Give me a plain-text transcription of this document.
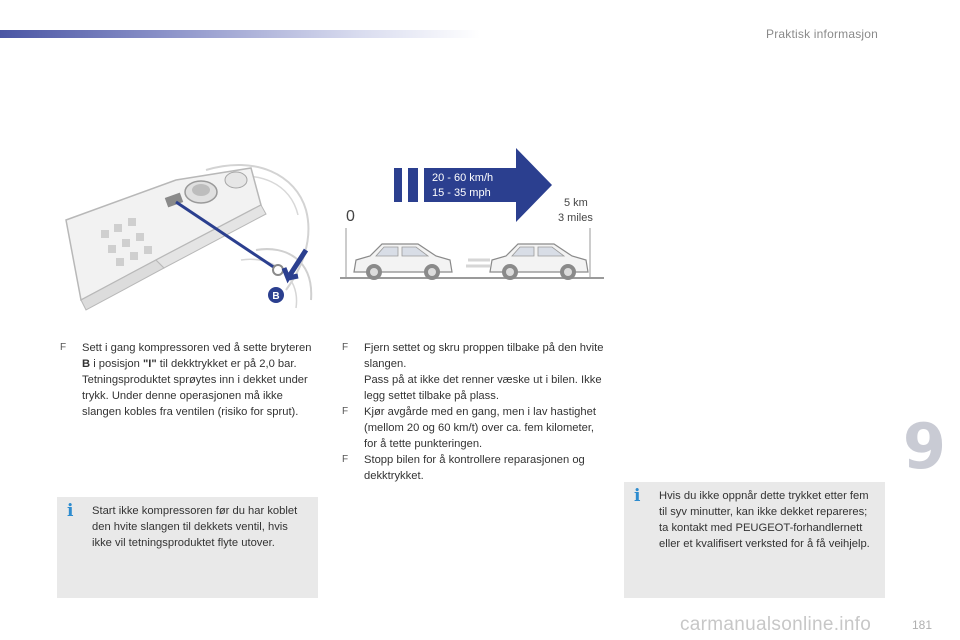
Praktisk informasjon
B
20 - 60 km/h
15 - 35 mph
0
5 km
3 miles
F Sett i gang kompressoren ved å sette bryteren B i posisjon "I" til dekktrykket er på 2,0 bar.

Tetningsproduktet sprøytes inn i dekket under trykk. Under denne operasjonen må ikke slangen kobles fra ventilen (risiko for sprut).

F Fjern settet og skru proppen tilbake på den hvite slangen.

Pass på at ikke det renner væske ut i bilen. Ikke legg settet tilbake på plass.

F Kjør avgårde med en gang, men i lav hastighet (mellom 20 og 60 km/t) over ca. fem kilometer, for å tette punkteringen.

F Stopp bilen for å kontrollere reparasjonen og dekktrykket.

i	Start ikke kompressoren før du har koblet den hvite slangen til dekkets ventil, hvis ikke vil tetningsproduktet flyte utover.
i	Hvis du ikke oppnår dette trykket etter fem til syv minutter, kan ikke dekket repareres; ta kontakt med PEUGEOT-forhandlernett eller et kvalifisert verksted for å få veihjelp.
9
carmanualsonline.info	181
